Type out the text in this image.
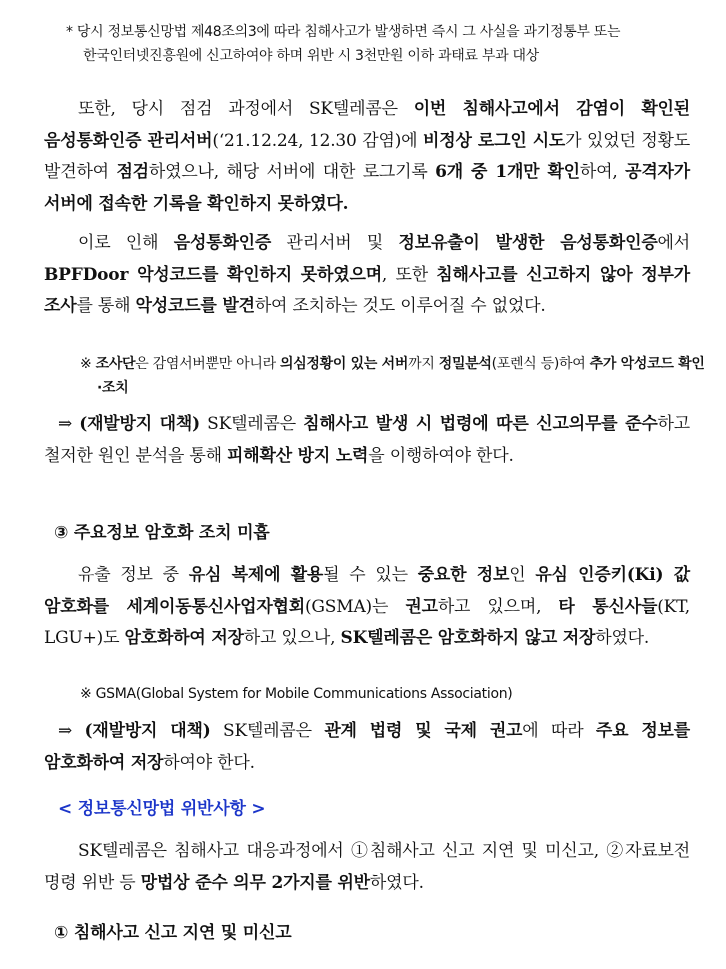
* 당시 정보통신망법 제48조의3에 따라 침해사고가 발생하면 즉시 그 사실을 과기정통부 또는 한국인터넷진흥원에 신고하여야 하며 위반 시 3천만원 이하 과태료 부과 대상

또한, 당시 점검 과정에서 SK텔레콤은 이번 침해사고에서 감염이 확인된 음성통화인증 관리서버(‘21.12.24, 12.30 감염)에 비정상 로그인 시도가 있었던 정황도 발견하여 점검하였으나, 해당 서버에 대한 로그기록 6개 중 1개만 확인하여, 공격자가 서버에 접속한 기록을 확인하지 못하였다.

이로 인해 음성통화인증 관리서버 및 정보유출이 발생한 음성통화인증에서 BPFDoor 악성코드를 확인하지 못하였으며, 또한 침해사고를 신고하지 않아 정부가 조사를 통해 악성코드를 발견하여 조치하는 것도 이루어질 수 없었다.

※ 조사단은 감염서버뿐만 아니라 의심정황이 있는 서버까지 정밀분석(포렌식 등)하여 추가 악성코드 확인·조치

⇒ (재발방지 대책) SK텔레콤은 침해사고 발생 시 법령에 따른 신고의무를 준수하고 철저한 원인 분석을 통해 피해확산 방지 노력을 이행하여야 한다.

③ 주요정보 암호화 조치 미흡

유출 정보 중 유심 복제에 활용될 수 있는 중요한 정보인 유심 인증키(Ki) 값 암호화를 세계이동통신사업자협회(GSMA)는 권고하고 있으며, 타 통신사들(KT, LGU+)도 암호화하여 저장하고 있으나, SK텔레콤은 암호화하지 않고 저장하였다.

※ GSMA(Global System for Mobile Communications Association)

⇒ (재발방지 대책) SK텔레콤은 관계 법령 및 국제 권고에 따라 주요 정보를 암호화하여 저장하여야 한다.

< 정보통신망법 위반사항 >

SK텔레콤은 침해사고 대응과정에서 ①침해사고 신고 지연 및 미신고, ②자료보전 명령 위반 등 망법상 준수 의무 2가지를 위반하였다.

① 침해사고 신고 지연 및 미신고
